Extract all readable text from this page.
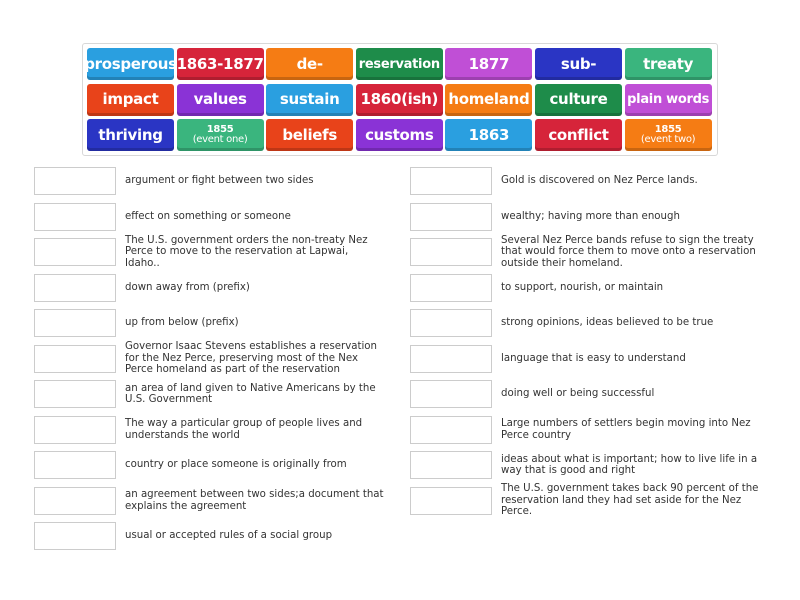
prosperous 1863-1877 de-	reservation 1877	sub-	treaty
impact values sustain 1860(ish) homeland culture plain words
thriving	1855
(event one) beliefs customs 1863	conflict	1855
(event two)
argument or fight between two sides
effect on something or someone
The U.S. government orders the non-treaty Nez Perce to move to the reservation at Lapwai, Idaho..
down away from (prefix)
up from below (prefix)
Governor Isaac Stevens establishes a reservation for the Nez Perce, preserving most of the Nex Perce homeland as part of the reservation
an area of land given to Native Americans by the U.S. Government
The way a particular group of people lives and understands the world
country or place someone is originally from
an agreement between two sides;a document that explains the agreement
usual or accepted rules of a social group
Gold is discovered on Nez Perce lands.
wealthy; having more than enough
Several Nez Perce bands refuse to sign the treaty that would force them to move onto a reservation outside their homeland.
to support, nourish, or maintain
strong opinions, ideas believed to be true
language that is easy to understand
doing well or being successful
Large numbers of settlers begin moving into Nez Perce country
ideas about what is important; how to live life in a way that is good and right
The U.S. government takes back 90 percent of the reservation land they had set aside for the Nez Perce.
